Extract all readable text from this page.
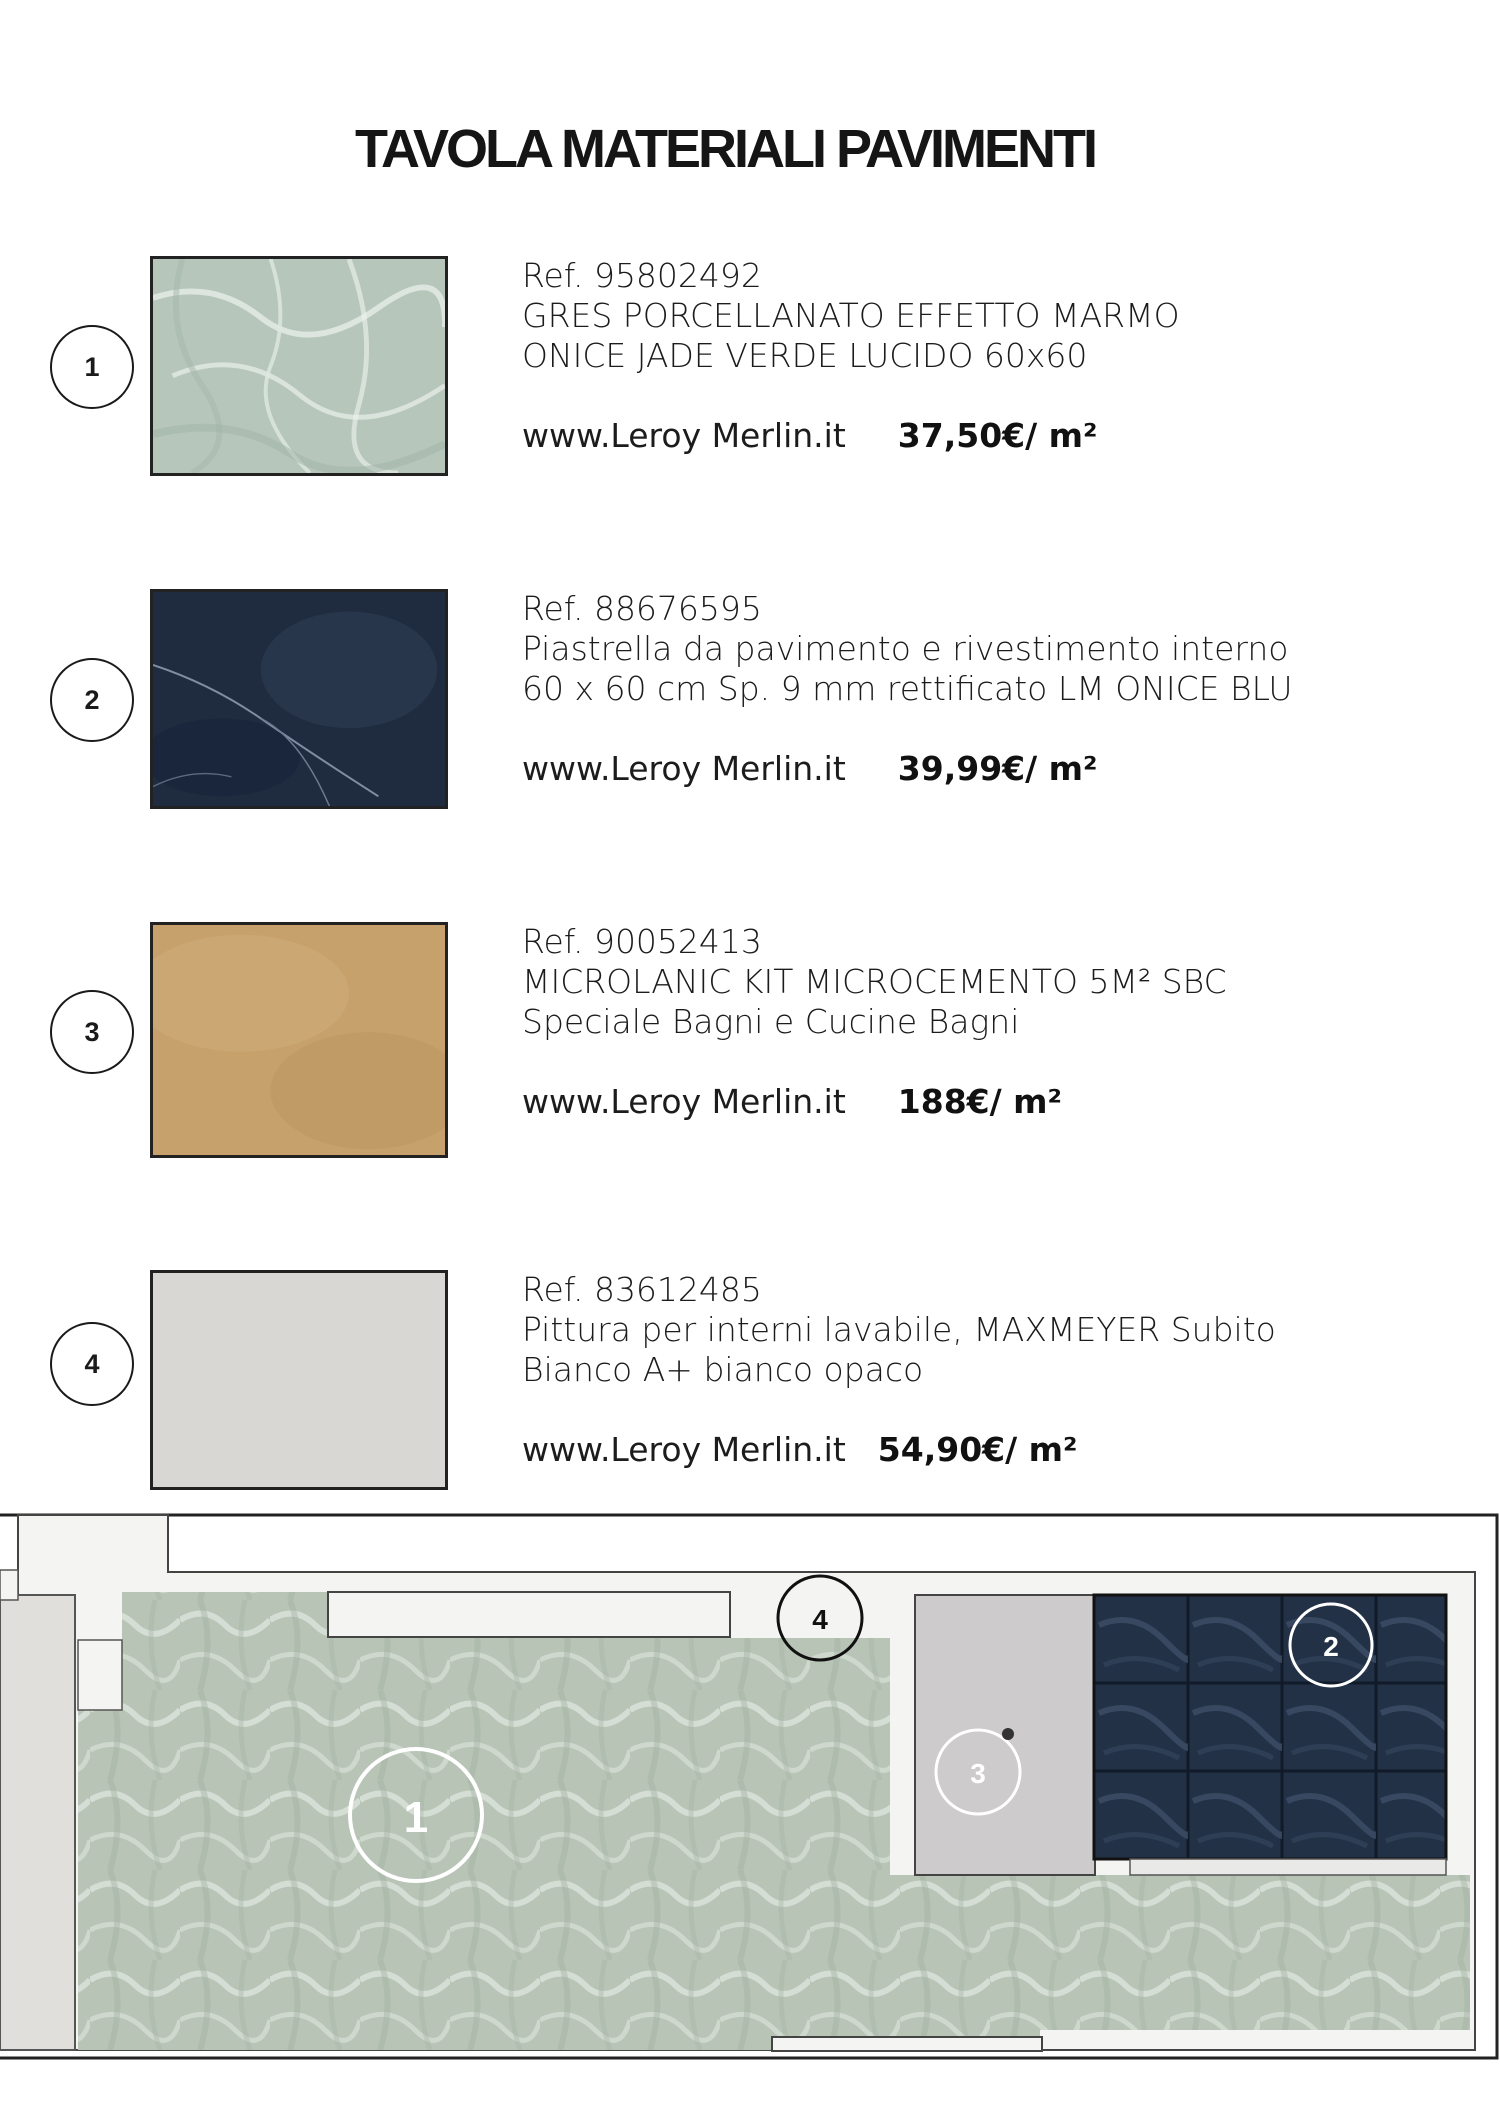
TAVOLA MATERIALI PAVIMENTI
1
Ref. 95802492
GRES PORCELLANATO EFFETTO MARMO
ONICE JADE VERDE LUCIDO 60x60
www.Leroy Merlin.it 37,50€/ m²
2
Ref. 88676595
Piastrella da pavimento e rivestimento interno
60 x 60 cm Sp. 9 mm rettificato LM ONICE BLU
www.Leroy Merlin.it 39,99€/ m²
3
Ref. 90052413
MICROLANIC KIT MICROCEMENTO 5M² SBC
Speciale Bagni e Cucine Bagni
www.Leroy Merlin.it 188€/ m²
4
Ref. 83612485
Pittura per interni lavabile, MAXMEYER Subito
Bianco A+ bianco opaco
www.Leroy Merlin.it 54,90€/ m²
1
2
3
4
